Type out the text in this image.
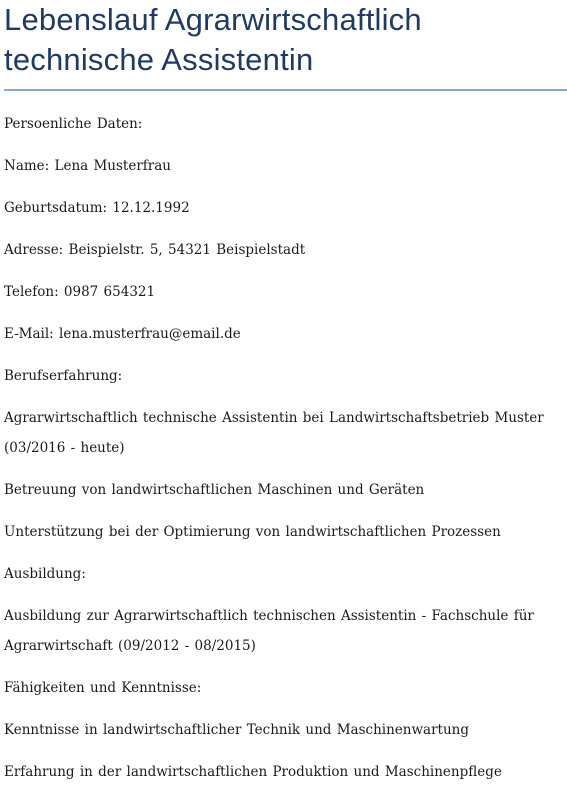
Lebenslauf Agrarwirtschaftlich
technische Assistentin

Persoenliche Daten:

Name: Lena Musterfrau

Geburtsdatum: 12.12.1992

Adresse: Beispielstr. 5, 54321 Beispielstadt

Telefon: 0987 654321

E-Mail: lena.musterfrau@email.de

Berufserfahrung:

Agrarwirtschaftlich technische Assistentin bei Landwirtschaftsbetrieb Muster (03/2016 - heute)

Betreuung von landwirtschaftlichen Maschinen und Geräten

Unterstützung bei der Optimierung von landwirtschaftlichen Prozessen

Ausbildung:

Ausbildung zur Agrarwirtschaftlich technischen Assistentin - Fachschule für Agrarwirtschaft (09/2012 - 08/2015)

Fähigkeiten und Kenntnisse:

Kenntnisse in landwirtschaftlicher Technik und Maschinenwartung

Erfahrung in der landwirtschaftlichen Produktion und Maschinenpflege
